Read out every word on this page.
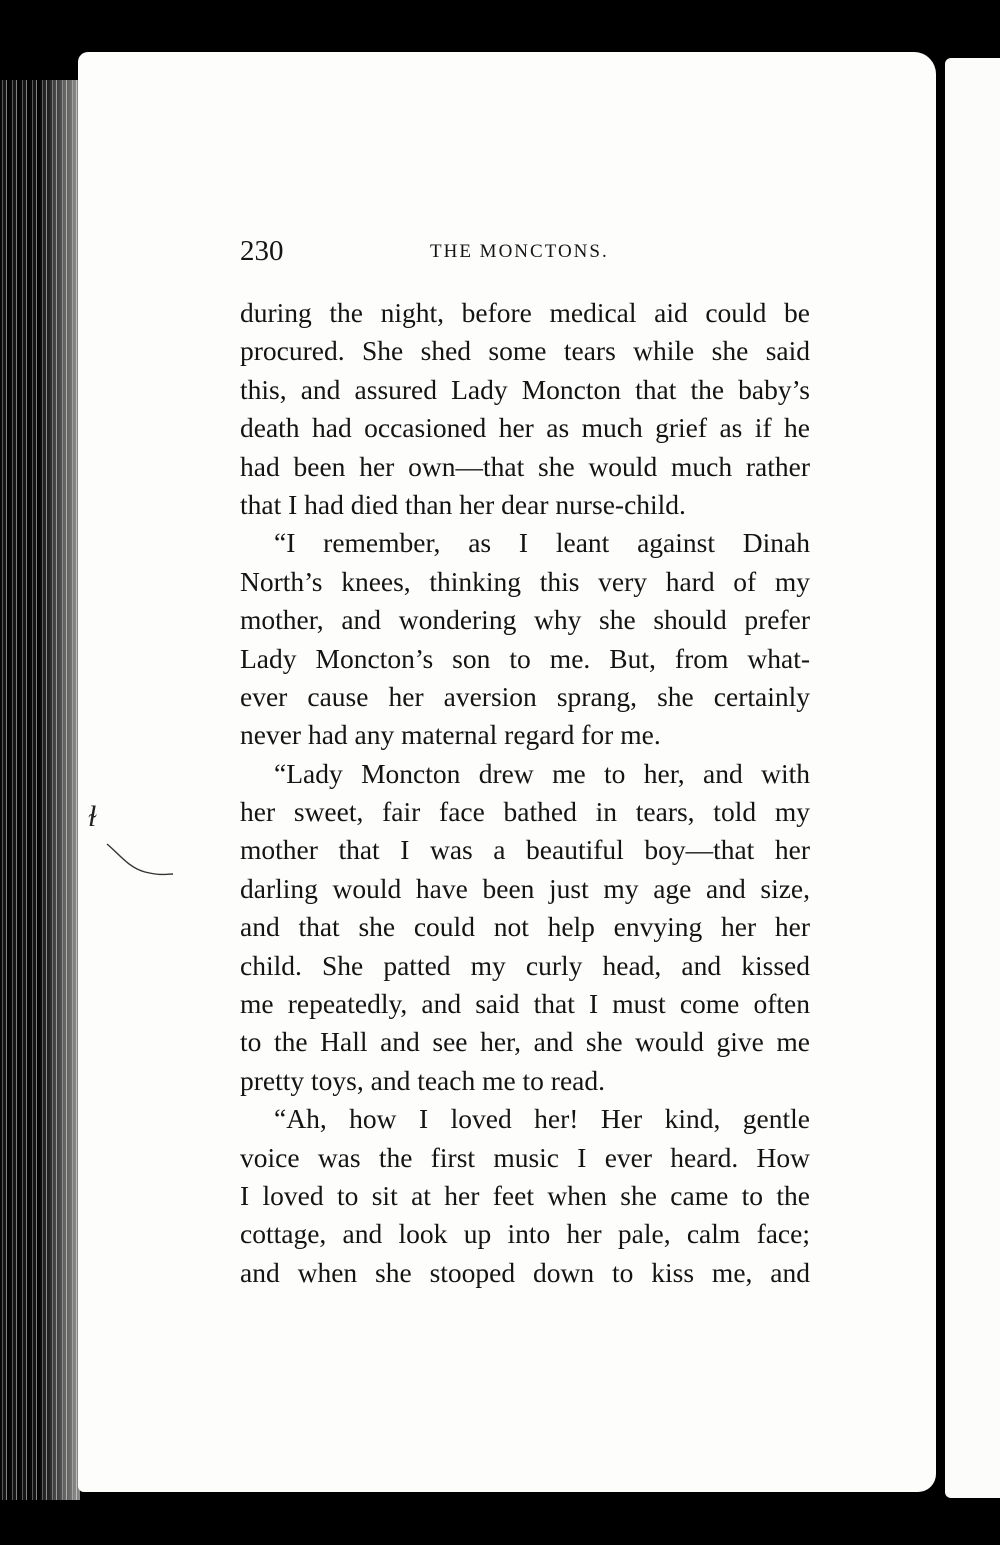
230	THE MONCTONS.
during the night, before medical aid could be
procured. She shed some tears while she said
this, and assured Lady Moncton that the baby’s
death had occasioned her as much grief as if he
had been her own—that she would much rather
that I had died than her dear nurse-child.
“I remember, as I leant against Dinah
North’s knees, thinking this very hard of my
mother, and wondering why she should prefer
Lady Moncton’s son to me. But, from what-
ever cause her aversion sprang, she certainly
never had any maternal regard for me.
“Lady Moncton drew me to her, and with
her sweet, fair face bathed in tears, told my
mother that I was a beautiful boy—that her
darling would have been just my age and size,
and that she could not help envying her her
child. She patted my curly head, and kissed
me repeatedly, and said that I must come often
to the Hall and see her, and she would give me
pretty toys, and teach me to read.
“Ah, how I loved her! Her kind, gentle
voice was the first music I ever heard. How
I loved to sit at her feet when she came to the
cottage, and look up into her pale, calm face;
and when she stooped down to kiss me, and
ɫ
